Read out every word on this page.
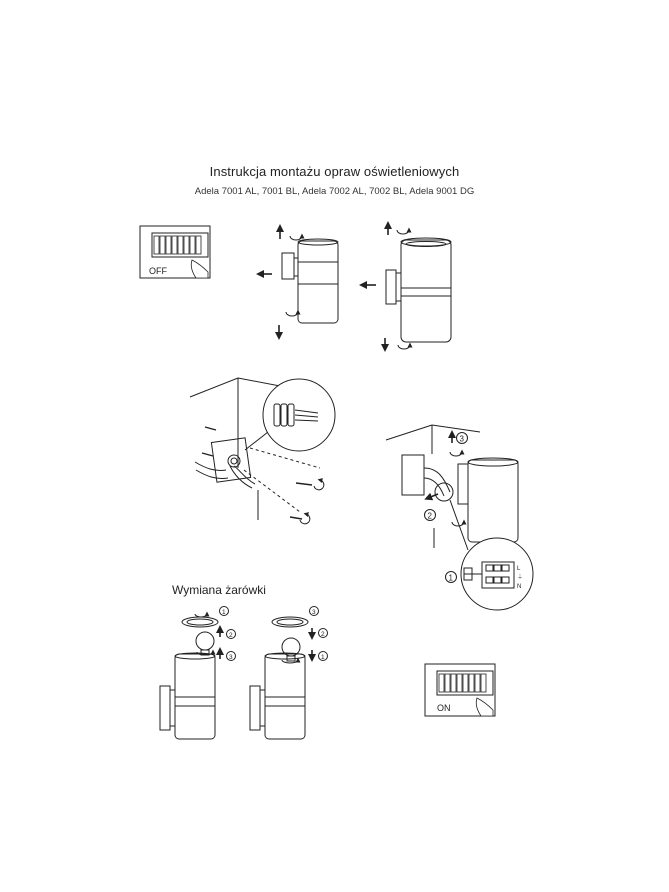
Instrukcja montażu opraw oświetleniowych
Adela 7001 AL, 7001 BL, Adela 7002 AL, 7002 BL, Adela 9001 DG
Wymiana żarówki
OFF
3
2
L
⏚
N
1
1
2
3
3
2
1
ON
